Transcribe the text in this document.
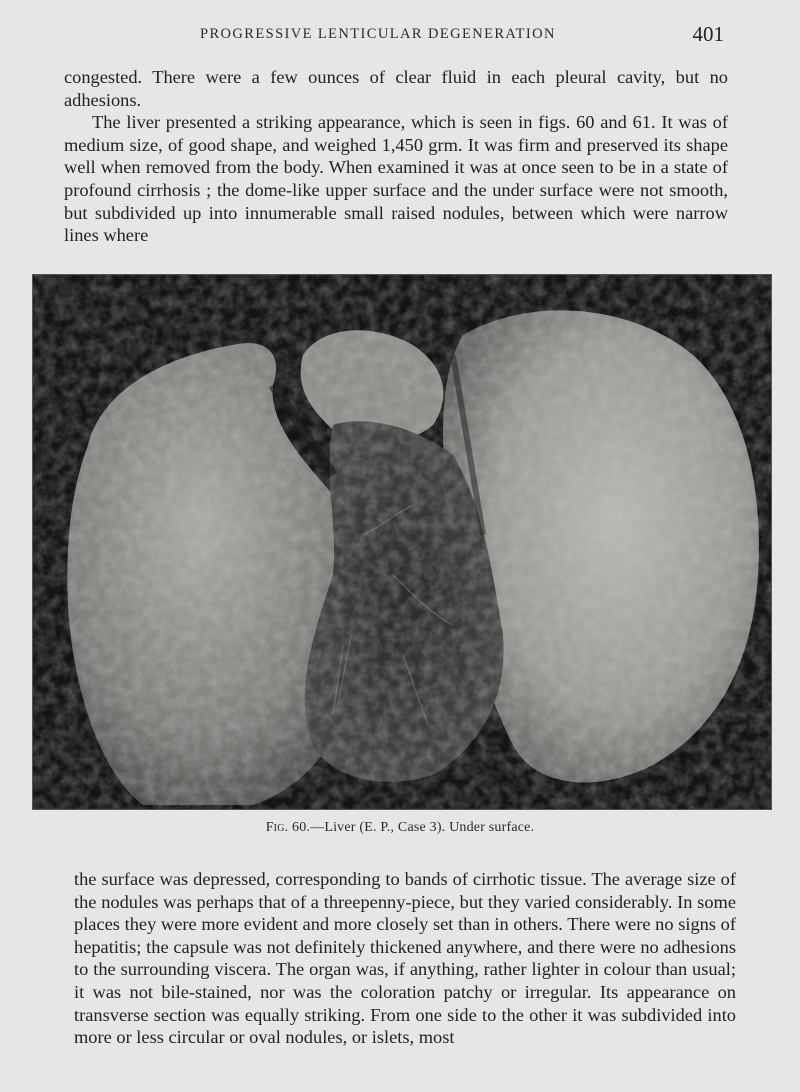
PROGRESSIVE LENTICULAR DEGENERATION	401

congested. There were a few ounces of clear fluid in each pleural cavity, but no adhesions.

The liver presented a striking appearance, which is seen in figs. 60 and 61. It was of medium size, of good shape, and weighed 1,450 grm. It was firm and preserved its shape well when removed from the body. When examined it was at once seen to be in a state of profound cirrhosis ; the dome-like upper surface and the under surface were not smooth, but subdivided up into innumerable small raised nodules, between which were narrow lines where

Fig. 60.—Liver (E. P., Case 3). Under surface.

the surface was depressed, corresponding to bands of cirrhotic tissue. The average size of the nodules was perhaps that of a threepenny-piece, but they varied considerably. In some places they were more evident and more closely set than in others. There were no signs of hepatitis; the capsule was not definitely thickened anywhere, and there were no adhesions to the surrounding viscera. The organ was, if anything, rather lighter in colour than usual; it was not bile-stained, nor was the coloration patchy or irregular. Its appearance on transverse section was equally striking. From one side to the other it was subdivided into more or less circular or oval nodules, or islets, most
